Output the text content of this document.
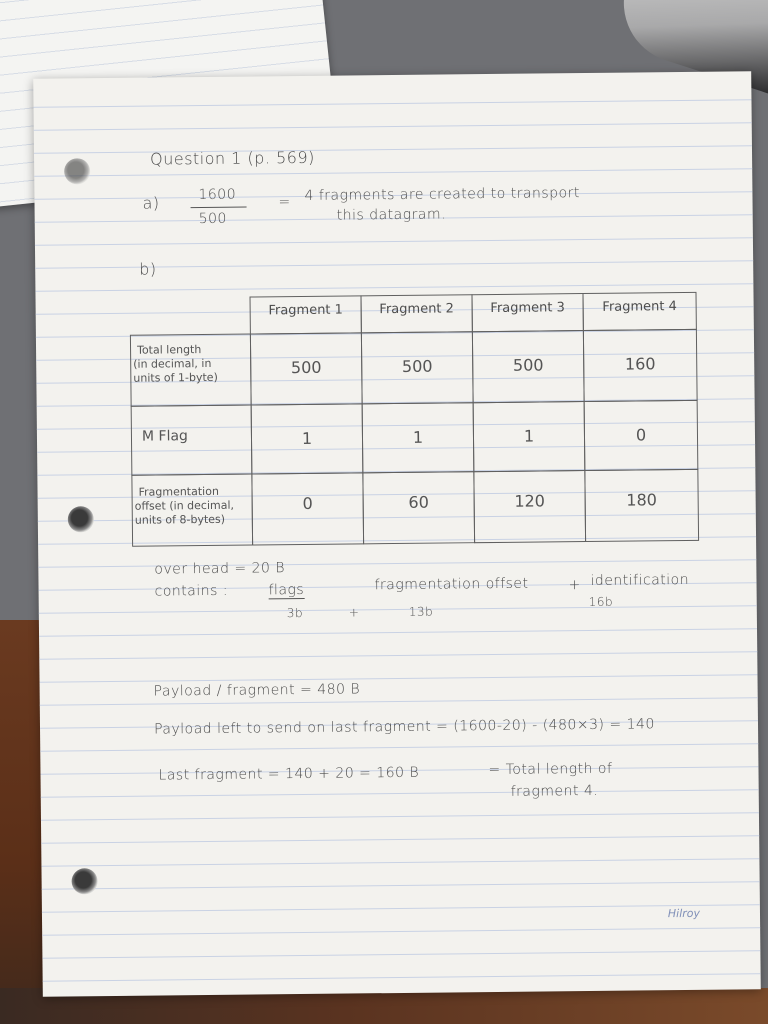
Question 1 (p. 569)
a)	1600
500
= 4 fragments are created to transport
this datagram.
b)
Fragment 1	Fragment 2	Fragment 3	Fragment 4
Total length
(in decimal, in
units of 1-byte)
500	500	500	160
M Flag	1	1	1	0
Fragmentation
offset (in decimal,
units of 8-bytes)
0	60	120	180
over head = 20 B
contains :	flags
3b	+
fragmentation offset
13b
+ identification
16b
Payload / fragment = 480 B
Payload left to send on last fragment = (1600-20) - (480×3) = 140
Last fragment = 140 + 20 = 160 B	= Total length of
fragment 4.
Hilroy
